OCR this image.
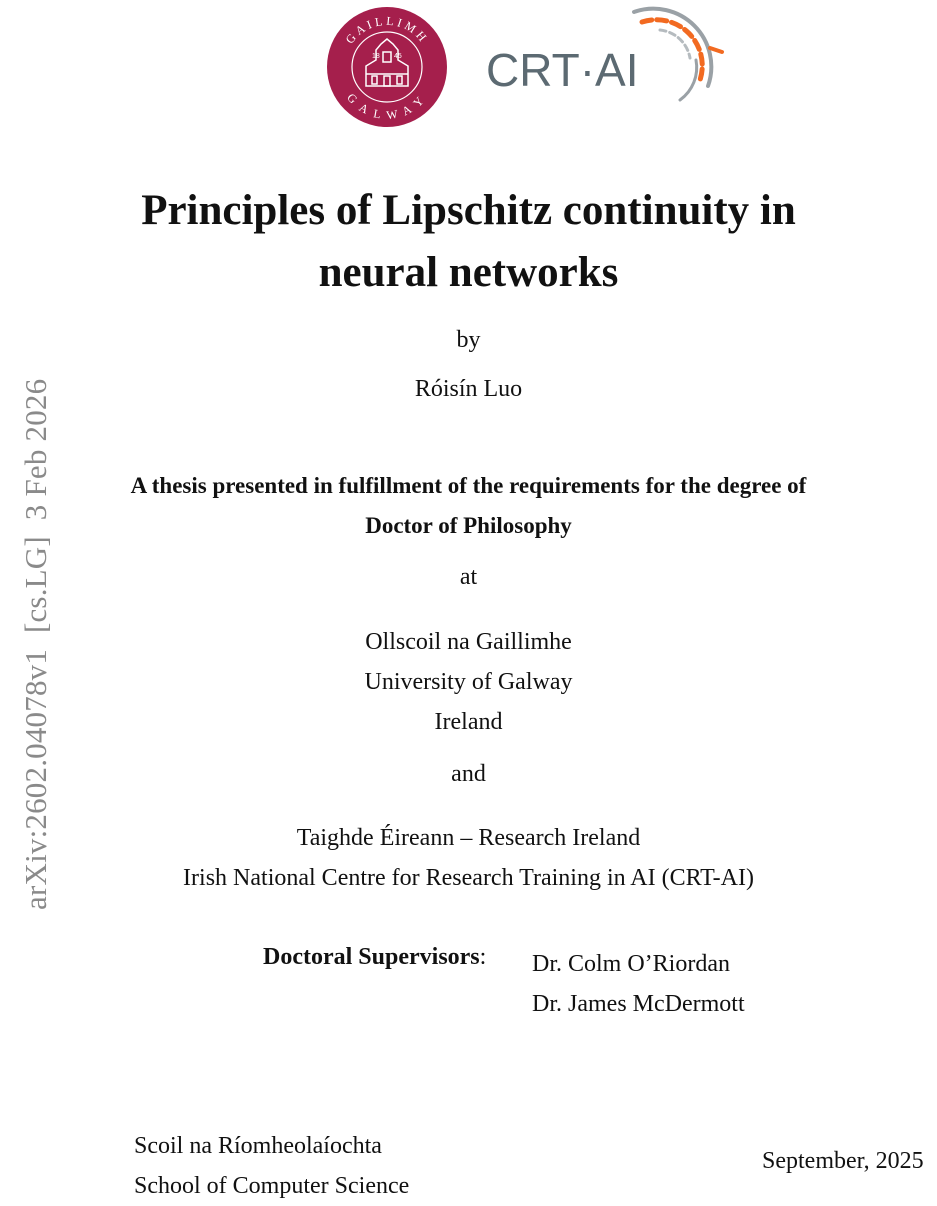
arXiv:2602.04078v1  [cs.LG]  3 Feb 2026
GAILLIMH
GALWAY
18 45 CRT·AI
Principles of Lipschitz continuity in
neural networks
by
Róisín Luo
A thesis presented in fulfillment of the requirements for the degree of
Doctor of Philosophy
at
Ollscoil na Gaillimhe
University of Galway
Ireland
and
Taighde Éireann – Research Ireland
Irish National Centre for Research Training in AI (CRT-AI)
Doctoral Supervisors: Dr. Colm O’Riordan
Dr. James McDermott
Scoil na Ríomheolaíochta
School of Computer Science
September, 2025
